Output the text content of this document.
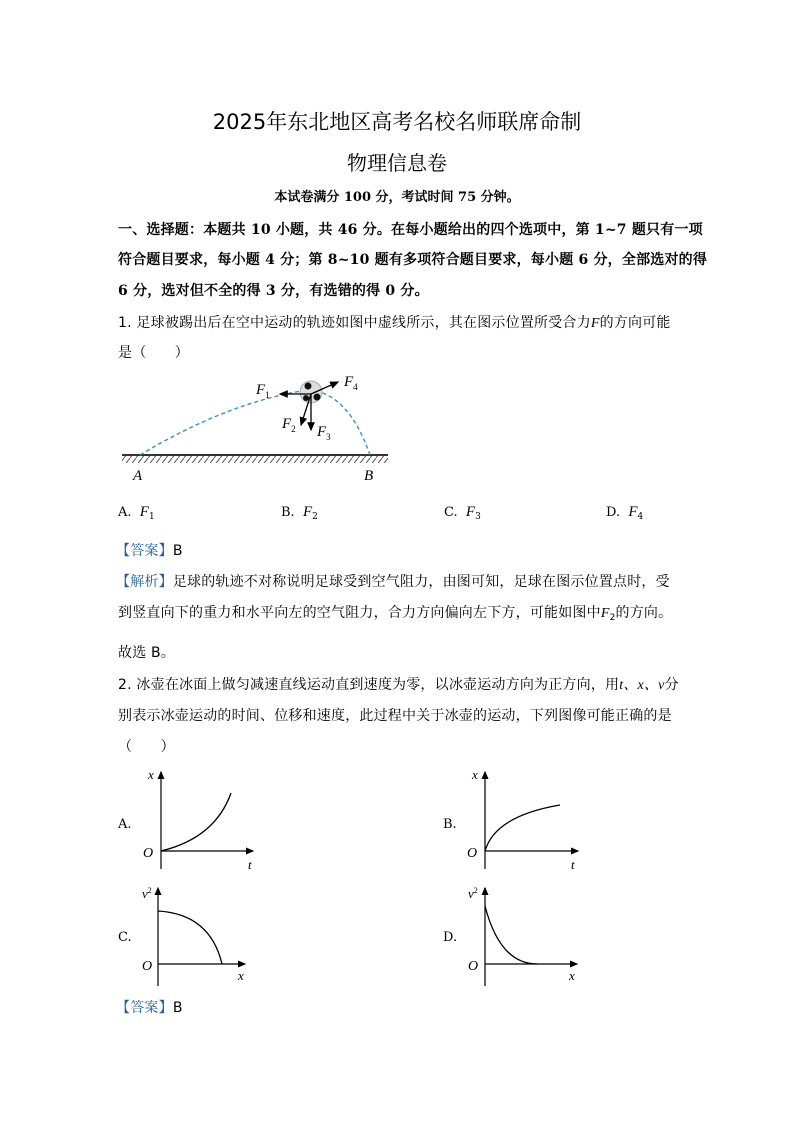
2025年东北地区高考名校名师联席命制
物理信息卷
本试卷满分 100 分，考试时间 75 分钟。
一、选择题：本题共 10 小题，共 46 分。在每小题给出的四个选项中，第 1~7 题只有一项
符合题目要求，每小题 4 分；第 8~10 题有多项符合题目要求，每小题 6 分，全部选对的得
6 分，选对但不全的得 3 分，有选错的得 0 分。
1. 足球被踢出后在空中运动的轨迹如图中虚线所示，其在图示位置所受合力F的方向可能
是（　　）
$F_1$
$F_2$ $F_3$
$F_4$
A	B
A. $F_1$	B. $F_2$	C. $F_3$	D. $F_4$
【答案】B
【解析】足球的轨迹不对称说明足球受到空气阻力，由图可知，足球在图示位置点时，受
到竖直向下的重力和水平向左的空气阻力，合力方向偏向左下方，可能如图中$F_2$的方向。
故选 B。
2. 冰壶在冰面上做匀减速直线运动直到速度为零，以冰壶运动方向为正方向，用t、x、v分
别表示冰壶运动的时间、位移和速度，此过程中关于冰壶的运动，下列图像可能正确的是
（　　）
A.
x
O
t
B.
x
O
t
C.
$v^2$
O
x
D.
$v^2$
O
x
【答案】B
